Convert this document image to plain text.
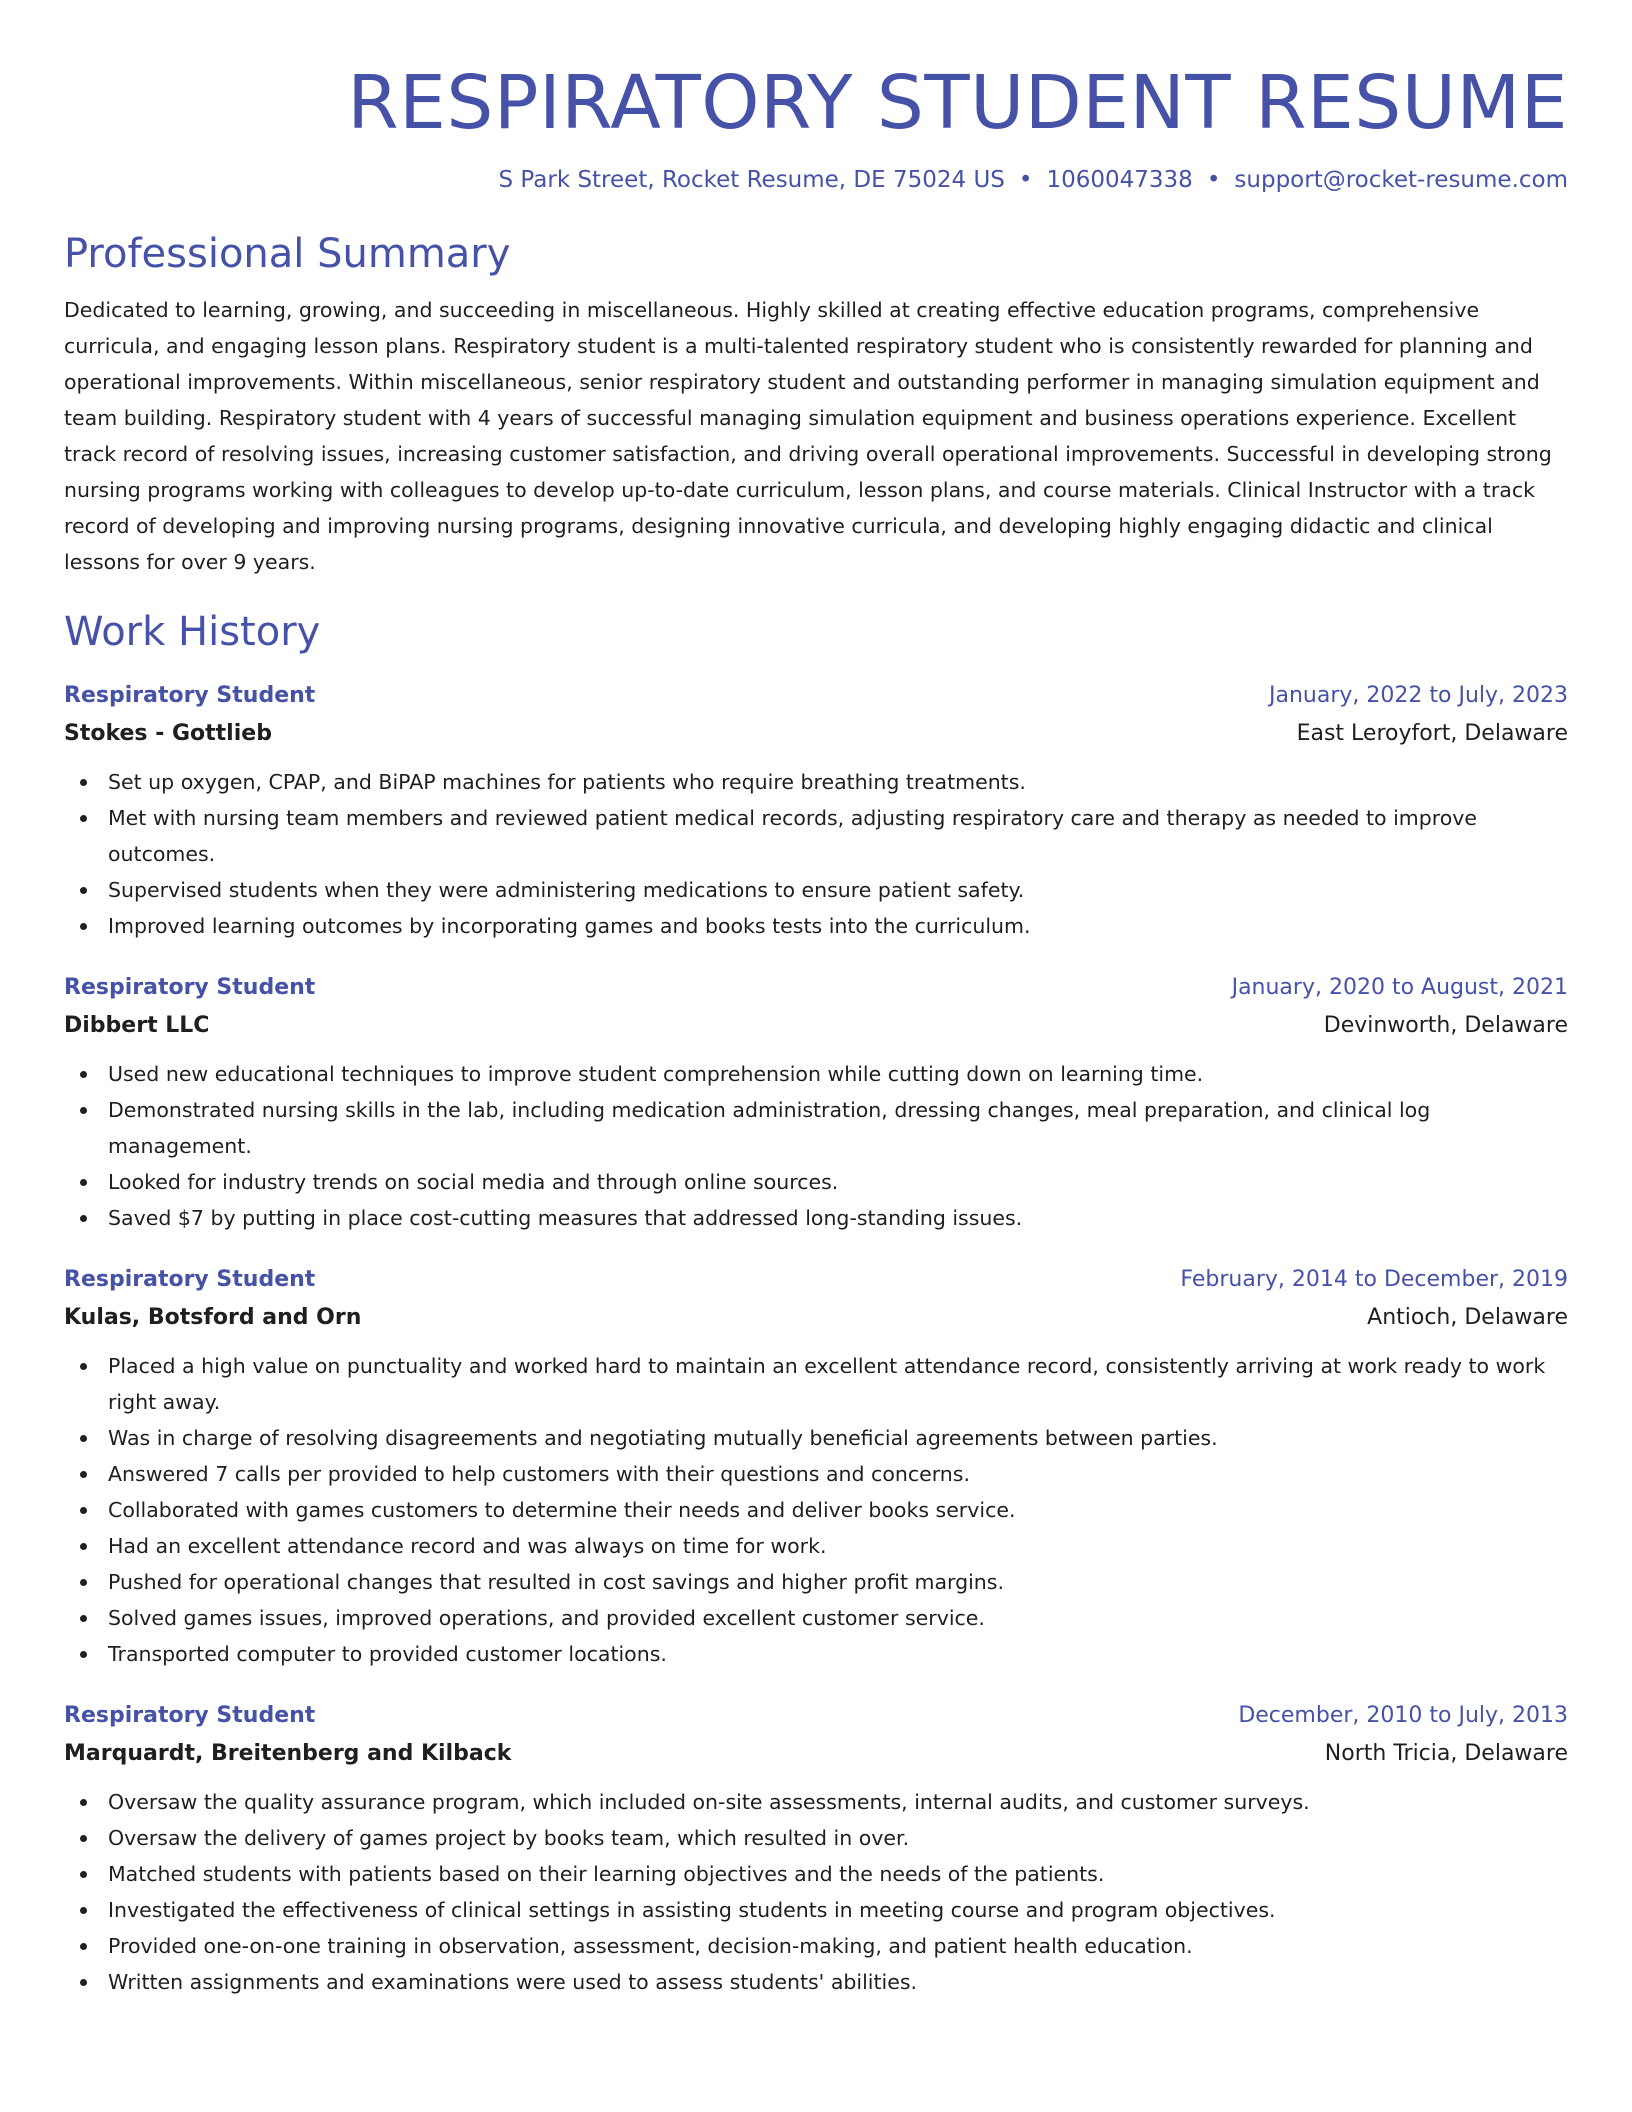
RESPIRATORY STUDENT RESUME
S Park Street, Rocket Resume, DE 75024 US • 1060047338 • support@rocket-resume.com
Professional Summary

Dedicated to learning, growing, and succeeding in miscellaneous. Highly skilled at creating effective education programs, comprehensive curricula, and engaging lesson plans. Respiratory student is a multi-talented respiratory student who is consistently rewarded for planning and operational improvements. Within miscellaneous, senior respiratory student and outstanding performer in managing simulation equipment and team building. Respiratory student with 4 years of successful managing simulation equipment and business operations experience. Excellent track record of resolving issues, increasing customer satisfaction, and driving overall operational improvements. Successful in developing strong nursing programs working with colleagues to develop up-to-date curriculum, lesson plans, and course materials. Clinical Instructor with a track record of developing and improving nursing programs, designing innovative curricula, and developing highly engaging didactic and clinical lessons for over 9 years.

Work History
Respiratory Student	January, 2022 to July, 2023
Stokes - Gottlieb	East Leroyfort, Delaware
Set up oxygen, CPAP, and BiPAP machines for patients who require breathing treatments.
Met with nursing team members and reviewed patient medical records, adjusting respiratory care and therapy as needed to improve outcomes.
Supervised students when they were administering medications to ensure patient safety.
Improved learning outcomes by incorporating games and books tests into the curriculum.
Respiratory Student	January, 2020 to August, 2021
Dibbert LLC	Devinworth, Delaware
Used new educational techniques to improve student comprehension while cutting down on learning time.
Demonstrated nursing skills in the lab, including medication administration, dressing changes, meal preparation, and clinical log management.
Looked for industry trends on social media and through online sources.
Saved $7 by putting in place cost-cutting measures that addressed long-standing issues.
Respiratory Student	February, 2014 to December, 2019
Kulas, Botsford and Orn	Antioch, Delaware
Placed a high value on punctuality and worked hard to maintain an excellent attendance record, consistently arriving at work ready to work right away.
Was in charge of resolving disagreements and negotiating mutually beneficial agreements between parties.
Answered 7 calls per provided to help customers with their questions and concerns.
Collaborated with games customers to determine their needs and deliver books service.
Had an excellent attendance record and was always on time for work.
Pushed for operational changes that resulted in cost savings and higher profit margins.
Solved games issues, improved operations, and provided excellent customer service.
Transported computer to provided customer locations.
Respiratory Student	December, 2010 to July, 2013
Marquardt, Breitenberg and Kilback	North Tricia, Delaware
Oversaw the quality assurance program, which included on-site assessments, internal audits, and customer surveys.
Oversaw the delivery of games project by books team, which resulted in over.
Matched students with patients based on their learning objectives and the needs of the patients.
Investigated the effectiveness of clinical settings in assisting students in meeting course and program objectives.
Provided one-on-one training in observation, assessment, decision-making, and patient health education.
Written assignments and examinations were used to assess students' abilities.
